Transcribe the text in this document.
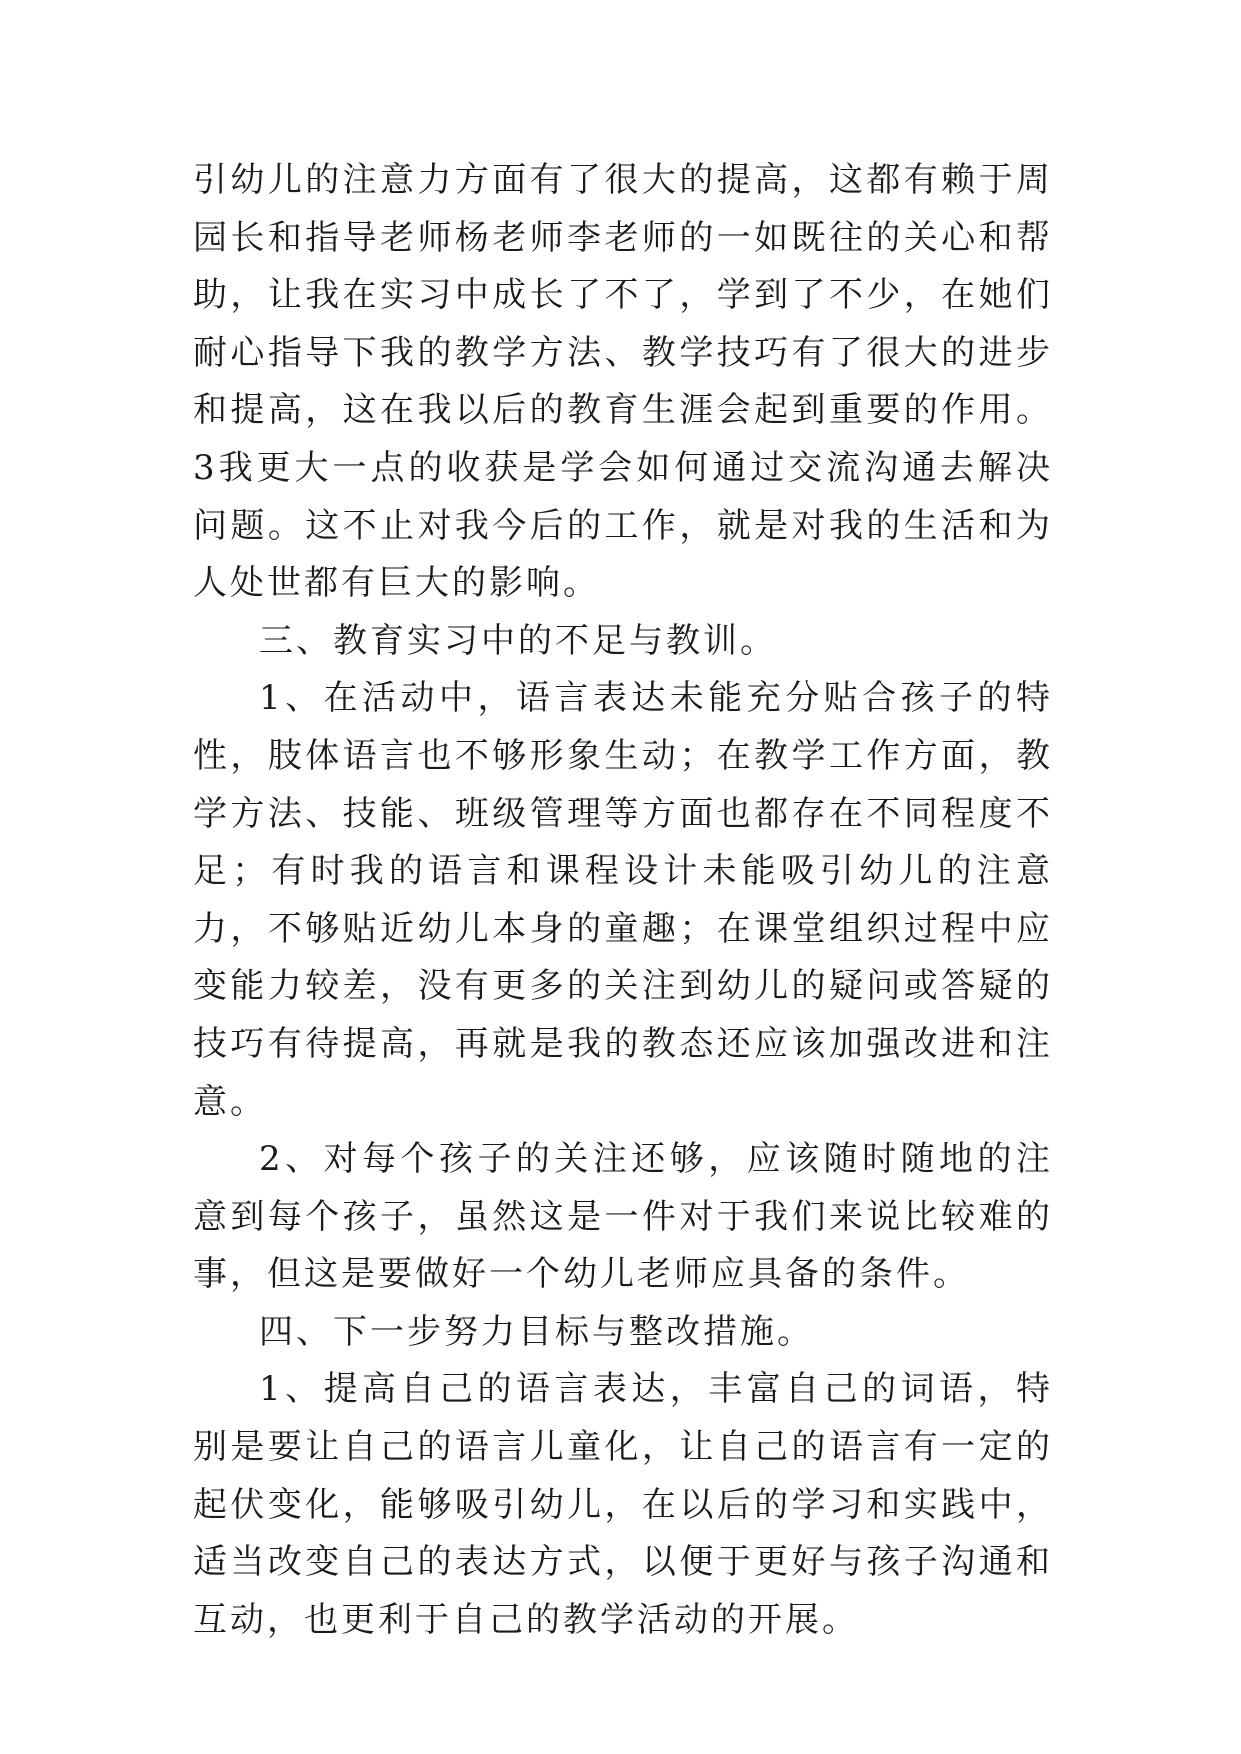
引幼儿的注意力方面有了很大的提高，这都有赖于周园长和指导老师杨老师李老师的一如既往的关心和帮助，让我在实习中成长了不了，学到了不少，在她们耐心指导下我的教学方法、教学技巧有了很大的进步和提高，这在我以后的教育生涯会起到重要的作用。3我更大一点的收获是学会如何通过交流沟通去解决问题。这不止对我今后的工作，就是对我的生活和为人处世都有巨大的影响。

三、教育实习中的不足与教训。

1、在活动中，语言表达未能充分贴合孩子的特性，肢体语言也不够形象生动；在教学工作方面，教学方法、技能、班级管理等方面也都存在不同程度不足；有时我的语言和课程设计未能吸引幼儿的注意力，不够贴近幼儿本身的童趣；在课堂组织过程中应变能力较差，没有更多的关注到幼儿的疑问或答疑的技巧有待提高，再就是我的教态还应该加强改进和注意。

2、对每个孩子的关注还够，应该随时随地的注意到每个孩子，虽然这是一件对于我们来说比较难的事，但这是要做好一个幼儿老师应具备的条件。

四、下一步努力目标与整改措施。

1、提高自己的语言表达，丰富自己的词语，特别是要让自己的语言儿童化，让自己的语言有一定的起伏变化，能够吸引幼儿，在以后的学习和实践中，适当改变自己的表达方式，以便于更好与孩子沟通和互动，也更利于自己的教学活动的开展。
